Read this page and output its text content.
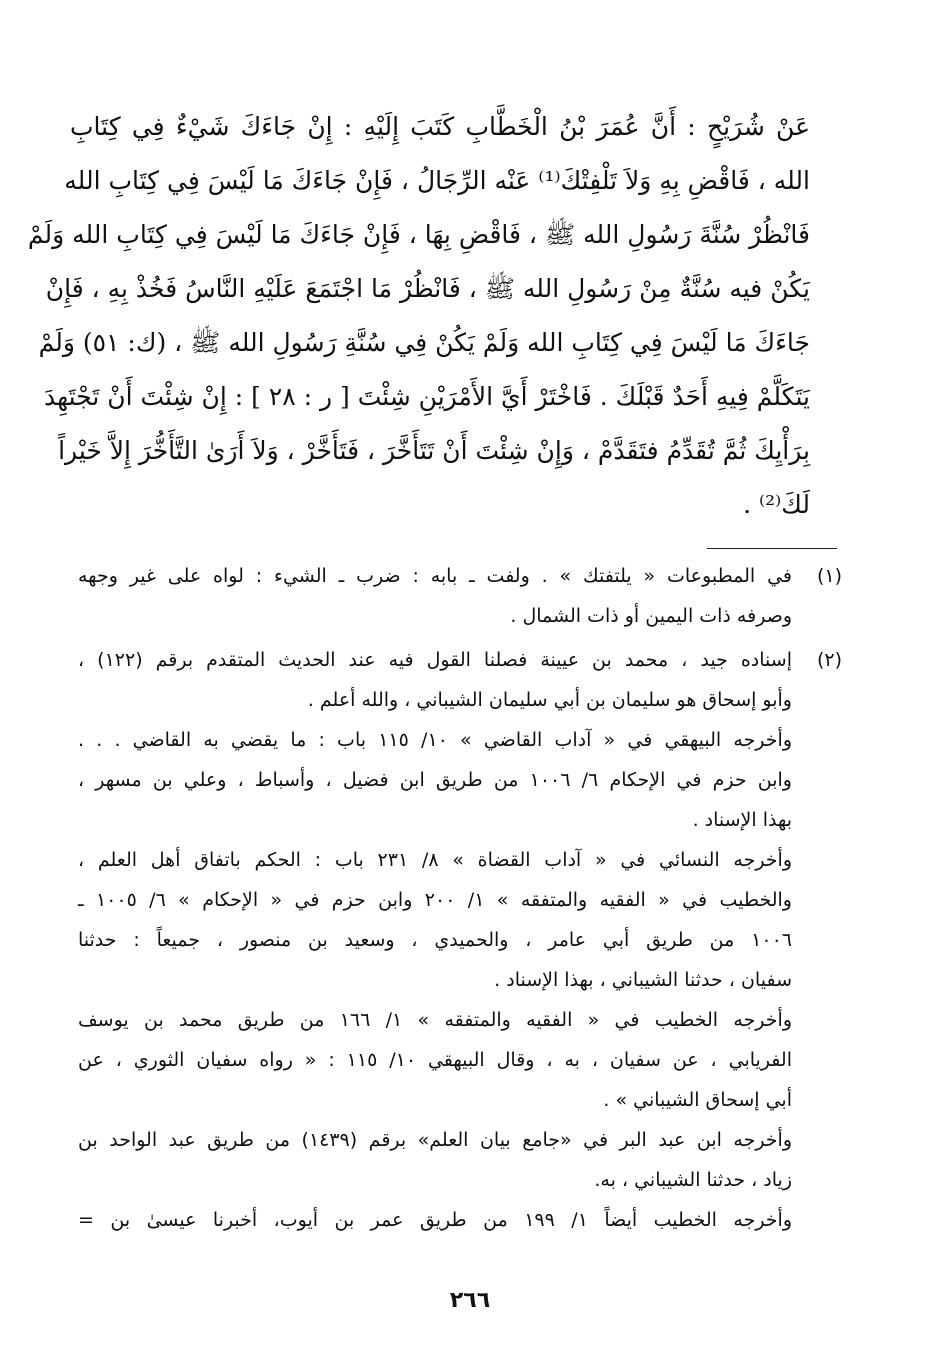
عَنْ شُرَيْحٍ : أَنَّ عُمَرَ بْنُ الْخَطَّابِ كَتَبَ إِلَيْهِ : إِنْ جَاءَكَ شَيْءٌ فِي كِتَابِ
الله ، فَاقْضِ بِهِ وَلاَ تَلْفِتْكَ⁽¹⁾ عَنْه الرِّجَالُ ، فَإِنْ جَاءَكَ مَا لَيْسَ فِي كِتَابِ الله
فَانْظُرْ سُنَّةَ رَسُولِ الله ﷺ ، فَاقْضِ بِهَا ، فَإِنْ جَاءَكَ مَا لَيْسَ فِي كِتَابِ الله وَلَمْ
يَكُنْ فيه سُنَّةٌ مِنْ رَسُولِ الله ﷺ ، فَانْظُرْ مَا اجْتَمَعَ عَلَيْهِ النَّاسُ فَخُذْ بِهِ ، فَإِنْ
جَاءَكَ مَا لَيْسَ فِي كِتَابِ الله وَلَمْ يَكُنْ فِي سُنَّةِ رَسُولِ الله ﷺ ، (ك: ٥١) وَلَمْ
يَتَكَلَّمْ فِيهِ أَحَدٌ قَبْلَكَ . فَاخْتَرْ أَيَّ الأَمْرَيْنِ شِئْتَ [ ر : ٢٨ ] : إِنْ شِئْتَ أَنْ تَجْتَهِدَ
بِرَأْيِكَ ثُمَّ تُقَدِّمُ فتَقَدَّمْ ، وَإِنْ شِئْتَ أَنْ تَتَأَخَّرَ ، فَتَأَخَّرْ ، وَلاَ أَرَىٰ التَّأَخُّرَ إِلاَّ خَيْراً
لَكَ⁽²⁾ .
(١)
في المطبوعات « يلتفتك » . ولفت ـ بابه : ضرب ـ الشيء : لواه على غير وجهه
وصرفه ذات اليمين أو ذات الشمال .
(٢)
إسناده جيد ، محمد بن عيينة فصلنا القول فيه عند الحديث المتقدم برقم (١٢٢) ،
وأبو إسحاق هو سليمان بن أبي سليمان الشيباني ، والله أعلم .
وأخرجه البيهقي في « آداب القاضي » ١٠/ ١١٥ باب : ما يقضي به القاضي . . .
وابن حزم في الإحكام ٦/ ١٠٠٦ من طريق ابن فضيل ، وأسباط ، وعلي بن مسهر ،
بهذا الإسناد .
وأخرجه النسائي في « آداب القضاة » ٨/ ٢٣١ باب : الحكم باتفاق أهل العلم ،
والخطيب في « الفقيه والمتفقه » ١/ ٢٠٠ وابن حزم في « الإحكام » ٦/ ١٠٠٥ ـ
١٠٠٦ من طريق أبي عامر ، والحميدي ، وسعيد بن منصور ، جميعاً : حدثنا
سفيان ، حدثنا الشيباني ، بهذا الإسناد .
وأخرجه الخطيب في « الفقيه والمتفقه » ١/ ١٦٦ من طريق محمد بن يوسف
الفريابي ، عن سفيان ، به ، وقال البيهقي ١٠/ ١١٥ : « رواه سفيان الثوري ، عن
أبي إسحاق الشيباني » .
وأخرجه ابن عبد البر في «جامع بيان العلم» برقم (١٤٣٩) من طريق عبد الواحد بن
زياد ، حدثنا الشيباني ، به.
وأخرجه الخطيب أيضاً ١/ ١٩٩ من طريق عمر بن أيوب، أخبرنا عيسىٰ بن =
٢٦٦
